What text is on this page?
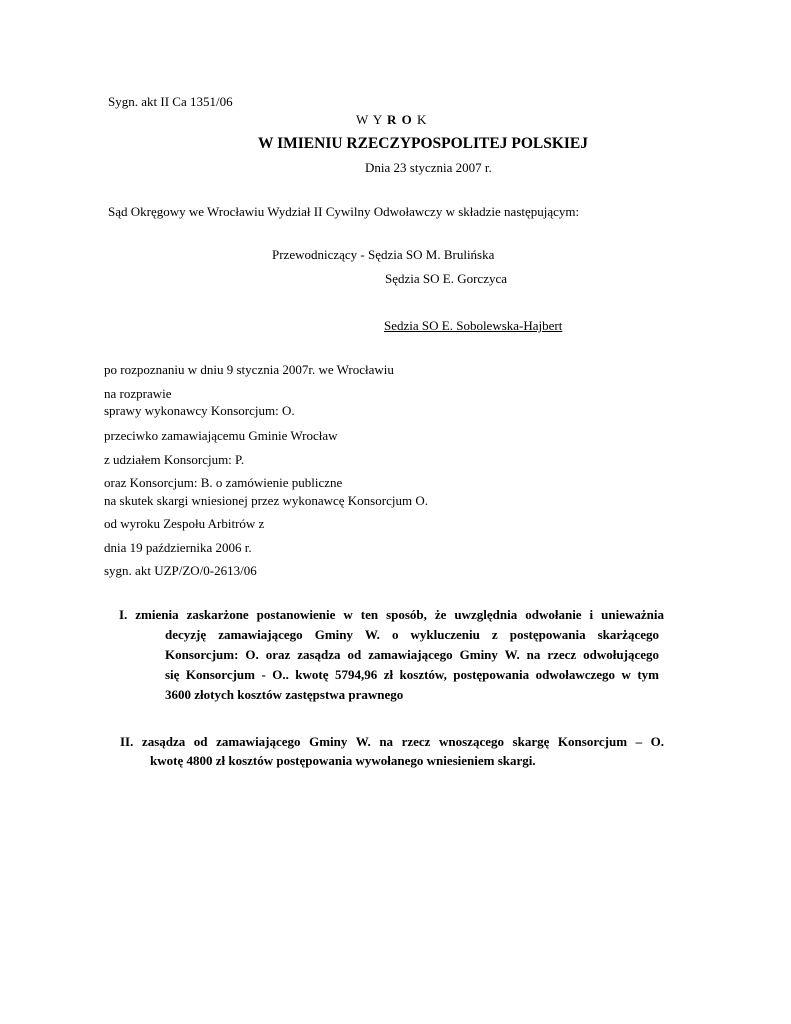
Sygn. akt II Ca 1351/06
W Y R O K
W IMIENIU RZECZYPOSPOLITEJ POLSKIEJ
Dnia 23 stycznia 2007 r.
Sąd Okręgowy we Wrocławiu Wydział II Cywilny Odwoławczy w składzie następującym:
Przewodniczący - Sędzia SO M. Brulińska
Sędzia SO E. Gorczyca
Sedzia SO E. Sobolewska-Hajbert
po rozpoznaniu w dniu 9 stycznia 2007r. we Wrocławiu
na rozprawie
sprawy wykonawcy Konsorcjum: O.
przeciwko zamawiającemu Gminie Wrocław
z udziałem Konsorcjum: P.
oraz Konsorcjum: B. o zamówienie publiczne
na skutek skargi wniesionej przez wykonawcę Konsorcjum O.
od wyroku Zespołu Arbitrów z
dnia 19 października 2006 r.
sygn. akt UZP/ZO/0-2613/06
I. zmienia zaskarżone postanowienie w ten sposób, że uwzględnia odwołanie i unieważnia
decyzję zamawiającego Gminy W. o wykluczeniu z postępowania skarżącego
Konsorcjum: O. oraz zasądza od zamawiającego Gminy W. na rzecz odwołującego
się Konsorcjum - O.. kwotę 5794,96 zł kosztów, postępowania odwoławczego w tym
3600 złotych kosztów zastępstwa prawnego
II. zasądza od zamawiającego Gminy W. na rzecz wnoszącego skargę Konsorcjum – O.
kwotę 4800 zł kosztów postępowania wywołanego wniesieniem skargi.
